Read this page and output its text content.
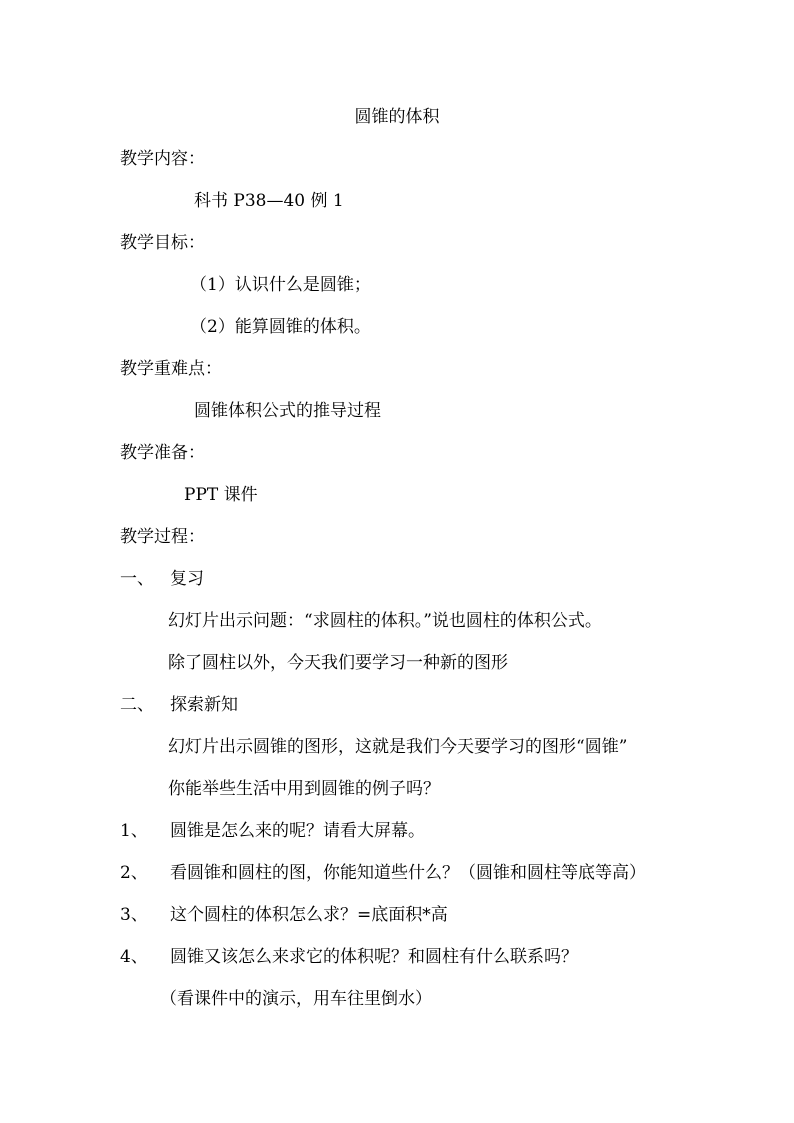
圆锥的体积
教学内容：
科书 P38—40 例 1
教学目标：
（1）认识什么是圆锥；
（2）能算圆锥的体积。
教学重难点：
圆锥体积公式的推导过程
教学准备：
PPT 课件
教学过程：
一、 复习
幻灯片出示问题：“求圆柱的体积。”说也圆柱的体积公式。
除了圆柱以外，今天我们要学习一种新的图形
二、 探索新知
幻灯片出示圆锥的图形，这就是我们今天要学习的图形“圆锥”
你能举些生活中用到圆锥的例子吗？
1、 圆锥是怎么来的呢？请看大屏幕。
2、 看圆锥和圆柱的图，你能知道些什么？（圆锥和圆柱等底等高）
3、 这个圆柱的体积怎么求？=底面积*高
4、 圆锥又该怎么来求它的体积呢？和圆柱有什么联系吗？
（看课件中的演示，用车往里倒水）
